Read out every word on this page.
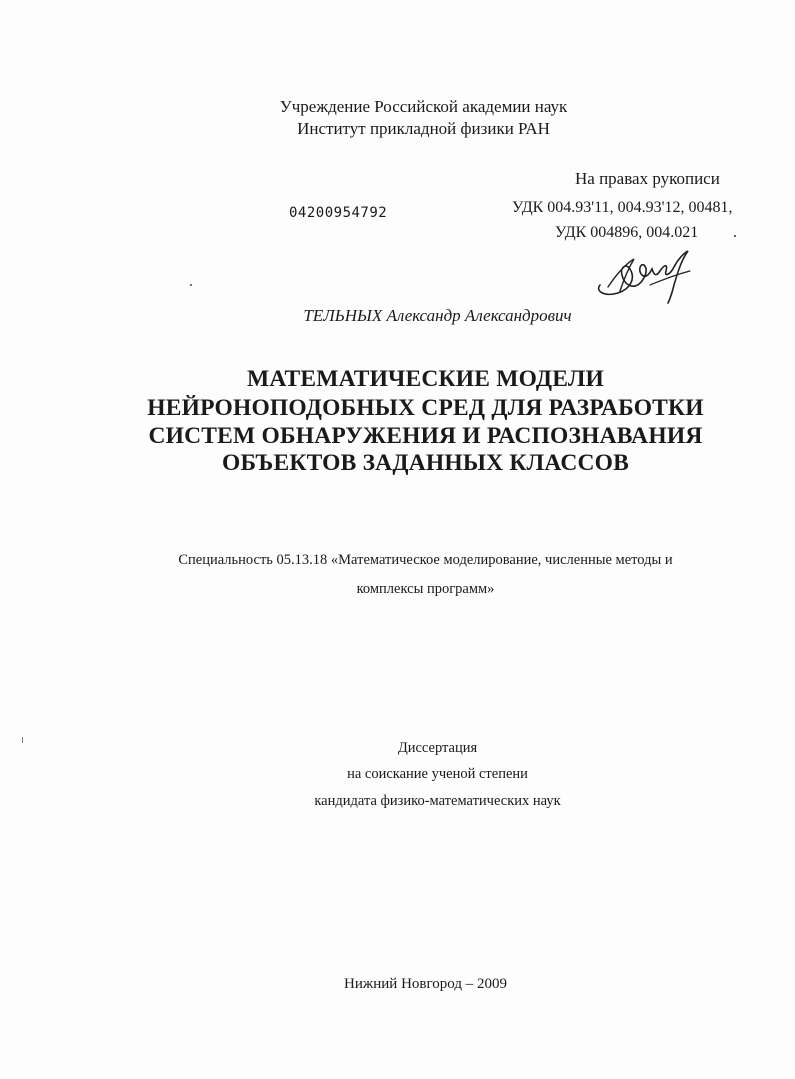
Учреждение Российской академии наук
Институт прикладной физики РАН
На правах рукописи
УДК 004.93'11, 004.93'12, 00481,
УДК 004896, 004.021 .
04200954792
ТЕЛЬНЫХ Александр Александрович
МАТЕМАТИЧЕСКИЕ МОДЕЛИ
НЕЙРОНОПОДОБНЫХ СРЕД ДЛЯ РАЗРАБОТКИ
СИСТЕМ ОБНАРУЖЕНИЯ И РАСПОЗНАВАНИЯ
ОБЪЕКТОВ ЗАДАННЫХ КЛАССОВ
Специальность 05.13.18 «Математическое моделирование, численные методы и
комплексы программ»
Диссертация
на соискание ученой степени
кандидата физико-математических наук
Нижний Новгород – 2009
